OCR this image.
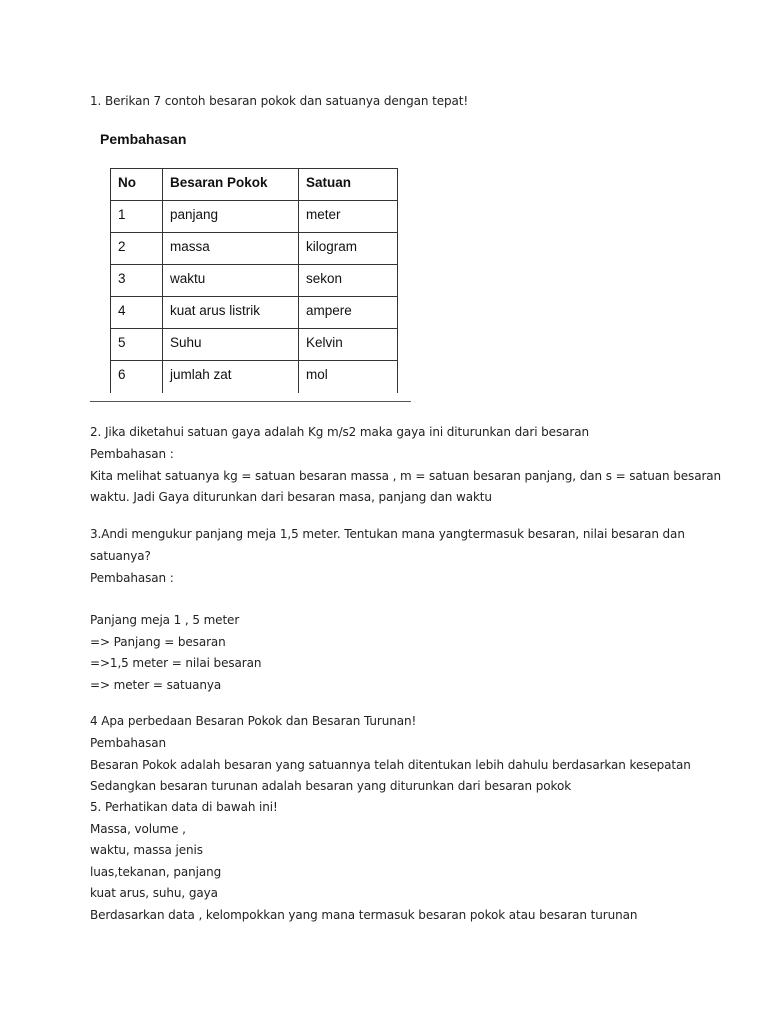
1. Berikan 7 contoh besaran pokok dan satuanya dengan tepat!
Pembahasan
No	Besaran Pokok	Satuan
1	panjang	meter
2	massa	kilogram
3	waktu	sekon
4	kuat arus listrik	ampere
5	Suhu	Kelvin
6	jumlah zat	mol
2. Jika diketahui satuan gaya adalah Kg m/s2 maka gaya ini diturunkan dari besaran
Pembahasan :
Kita melihat satuanya kg = satuan besaran massa , m = satuan besaran panjang, dan s = satuan besaran
waktu. Jadi Gaya diturunkan dari besaran masa, panjang dan waktu
3.Andi mengukur panjang meja 1,5 meter. Tentukan mana yangtermasuk besaran, nilai besaran dan
satuanya?
Pembahasan :
Panjang meja 1 , 5 meter
=> Panjang = besaran
=>1,5 meter = nilai besaran
=> meter = satuanya
4 Apa perbedaan Besaran Pokok dan Besaran Turunan!
Pembahasan
Besaran Pokok adalah besaran yang satuannya telah ditentukan lebih dahulu berdasarkan kesepatan
Sedangkan besaran turunan adalah besaran yang diturunkan dari besaran pokok
5. Perhatikan data di bawah ini!
Massa, volume ,
waktu, massa jenis
luas,tekanan, panjang
kuat arus, suhu, gaya
Berdasarkan data , kelompokkan yang mana termasuk besaran pokok atau besaran turunan
